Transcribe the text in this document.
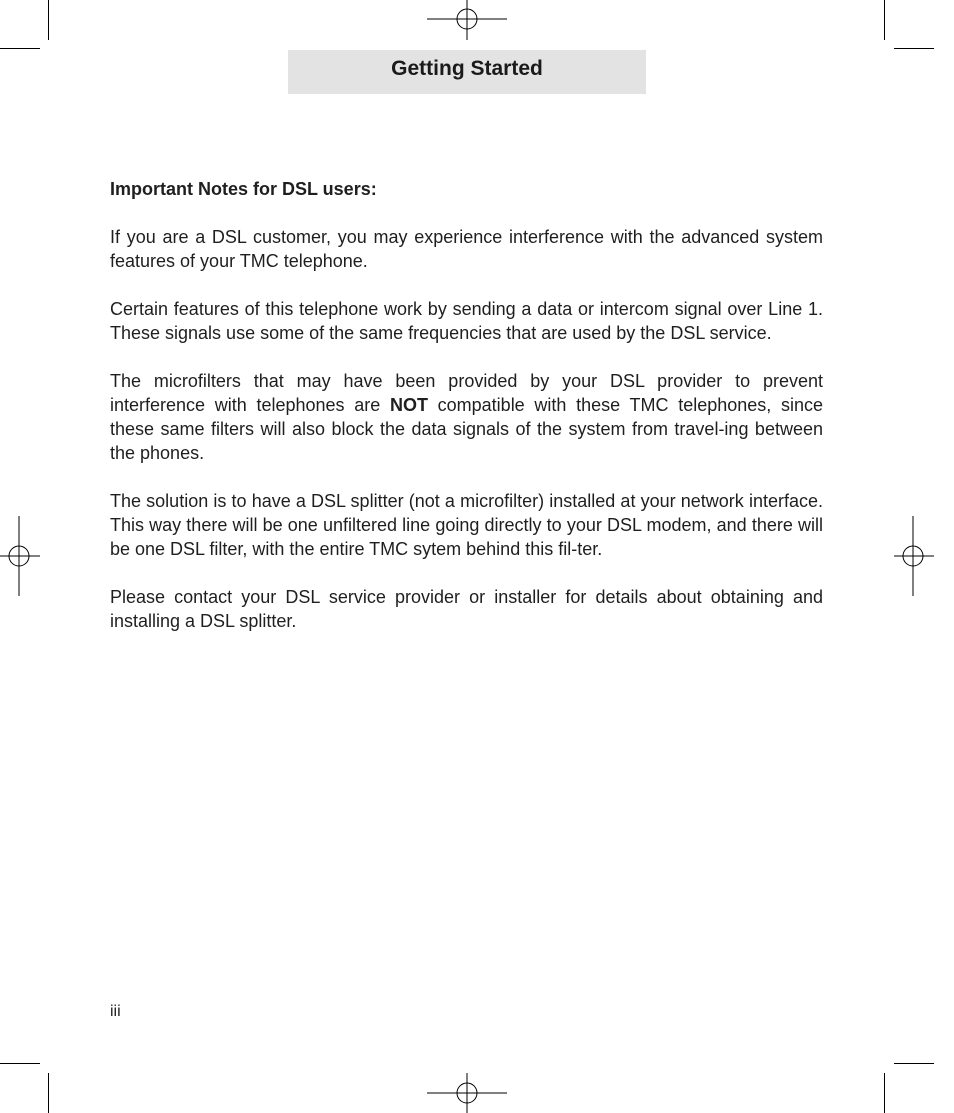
Getting Started

Important Notes for DSL users:

If you are a DSL customer, you may experience interference with the advanced system features of your TMC telephone.

Certain features of this telephone work by sending a data or intercom signal over Line 1. These signals use some of the same frequencies that are used by the DSL service.

The microfilters that may have been provided by your DSL provider to prevent interference with telephones are NOT compatible with these TMC telephones, since these same filters will also block the data signals of the system from travel-ing between the phones.

The solution is to have a DSL splitter (not a microfilter) installed at your network interface. This way there will be one unfiltered line going directly to your DSL modem, and there will be one DSL filter, with the entire TMC sytem behind this fil-ter.

Please contact your DSL service provider or installer for details about obtaining and installing a DSL splitter.

iii
